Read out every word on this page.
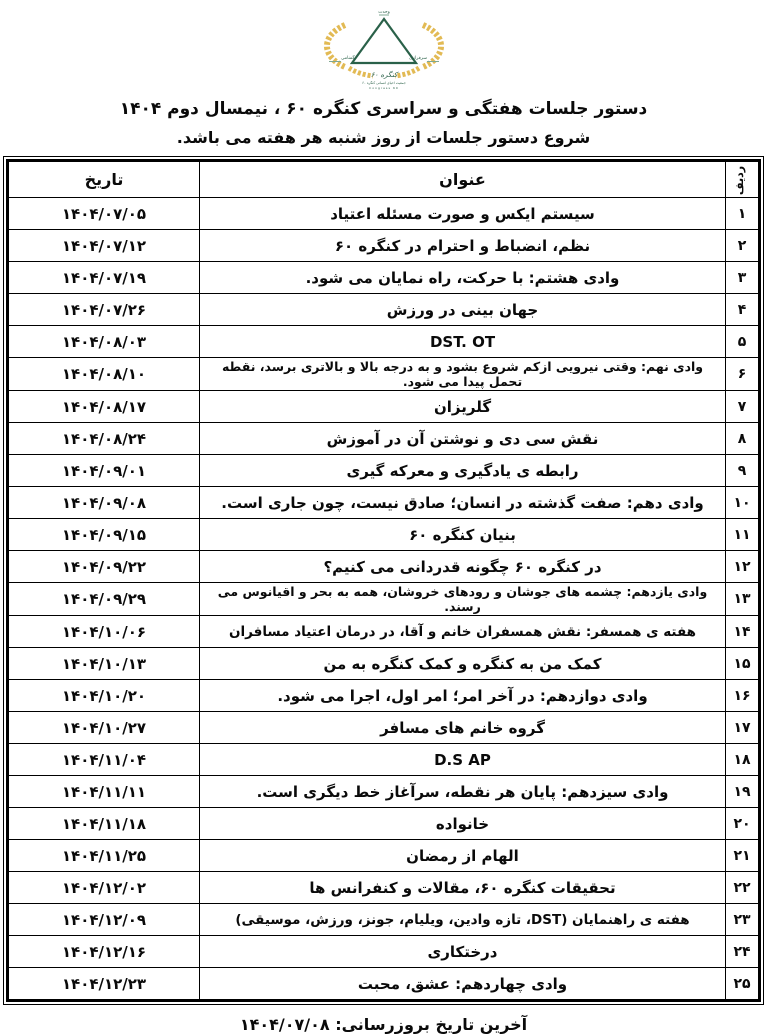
وحدت
سرفرازی
گمنامی
کنگره ۶۰
جمعیت احیای انسانی کنگره ۶۰
Congress 60
دستور جلسات هفتگی و سراسری کنگره ۶۰ ، نیمسال دوم ۱۴۰۴
شروع دستور جلسات از روز شنبه هر هفته می باشد.
ردیف	عنوان	تاریخ
۱	سیستم ایکس و صورت مسئله اعتیاد	۱۴۰۴/۰۷/۰۵
۲	نظم، انضباط و احترام در کنگره ۶۰	۱۴۰۴/۰۷/۱۲
۳	وادی هشتم: با حرکت، راه نمایان می شود.	۱۴۰۴/۰۷/۱۹
۴	جهان بینی در ورزش	۱۴۰۴/۰۷/۲۶
۵	DST. OT	۱۴۰۴/۰۸/۰۳
۶	وادی نهم: وقتی نیرویی ازکم شروع بشود و به درجه بالا و بالاتری برسد، نقطه تحمل پیدا می شود.	۱۴۰۴/۰۸/۱۰
۷	گلریزان	۱۴۰۴/۰۸/۱۷
۸	نقش سی دی و نوشتن آن در آموزش	۱۴۰۴/۰۸/۲۴
۹	رابطه ی یادگیری و معرکه گیری	۱۴۰۴/۰۹/۰۱
۱۰	وادی دهم: صفت گذشته در انسان؛ صادق نیست، چون جاری است.	۱۴۰۴/۰۹/۰۸
۱۱	بنیان کنگره ۶۰	۱۴۰۴/۰۹/۱۵
۱۲	در کنگره ۶۰ چگونه قدردانی می کنیم؟	۱۴۰۴/۰۹/۲۲
۱۳	وادی یازدهم: چشمه های جوشان و رودهای خروشان، همه به بحر و اقیانوس می رسند.	۱۴۰۴/۰۹/۲۹
۱۴	هفته ی همسفر: نقش همسفران خانم و آقا، در درمان اعتیاد مسافران	۱۴۰۴/۱۰/۰۶
۱۵	کمک من به کنگره و کمک کنگره به من	۱۴۰۴/۱۰/۱۳
۱۶	وادی دوازدهم: در آخر امر؛ امر اول، اجرا می شود.	۱۴۰۴/۱۰/۲۰
۱۷	گروه خانم های مسافر	۱۴۰۴/۱۰/۲۷
۱۸	D.S AP	۱۴۰۴/۱۱/۰۴
۱۹	وادی سیزدهم: پایان هر نقطه، سرآغاز خط دیگری است.	۱۴۰۴/۱۱/۱۱
۲۰	خانواده	۱۴۰۴/۱۱/۱۸
۲۱	الهام از رمضان	۱۴۰۴/۱۱/۲۵
۲۲	تحقیقات کنگره ۶۰، مقالات و کنفرانس ها	۱۴۰۴/۱۲/۰۲
۲۳	هفته ی راهنمایان (DST، تازه وادین، ویلیام، جونز، ورزش، موسیقی)	۱۴۰۴/۱۲/۰۹
۲۴	درختکاری	۱۴۰۴/۱۲/۱۶
۲۵	وادی چهاردهم: عشق، محبت	۱۴۰۴/۱۲/۲۳
آخرین تاریخ بروزرسانی: ۱۴۰۴/۰۷/۰۸
